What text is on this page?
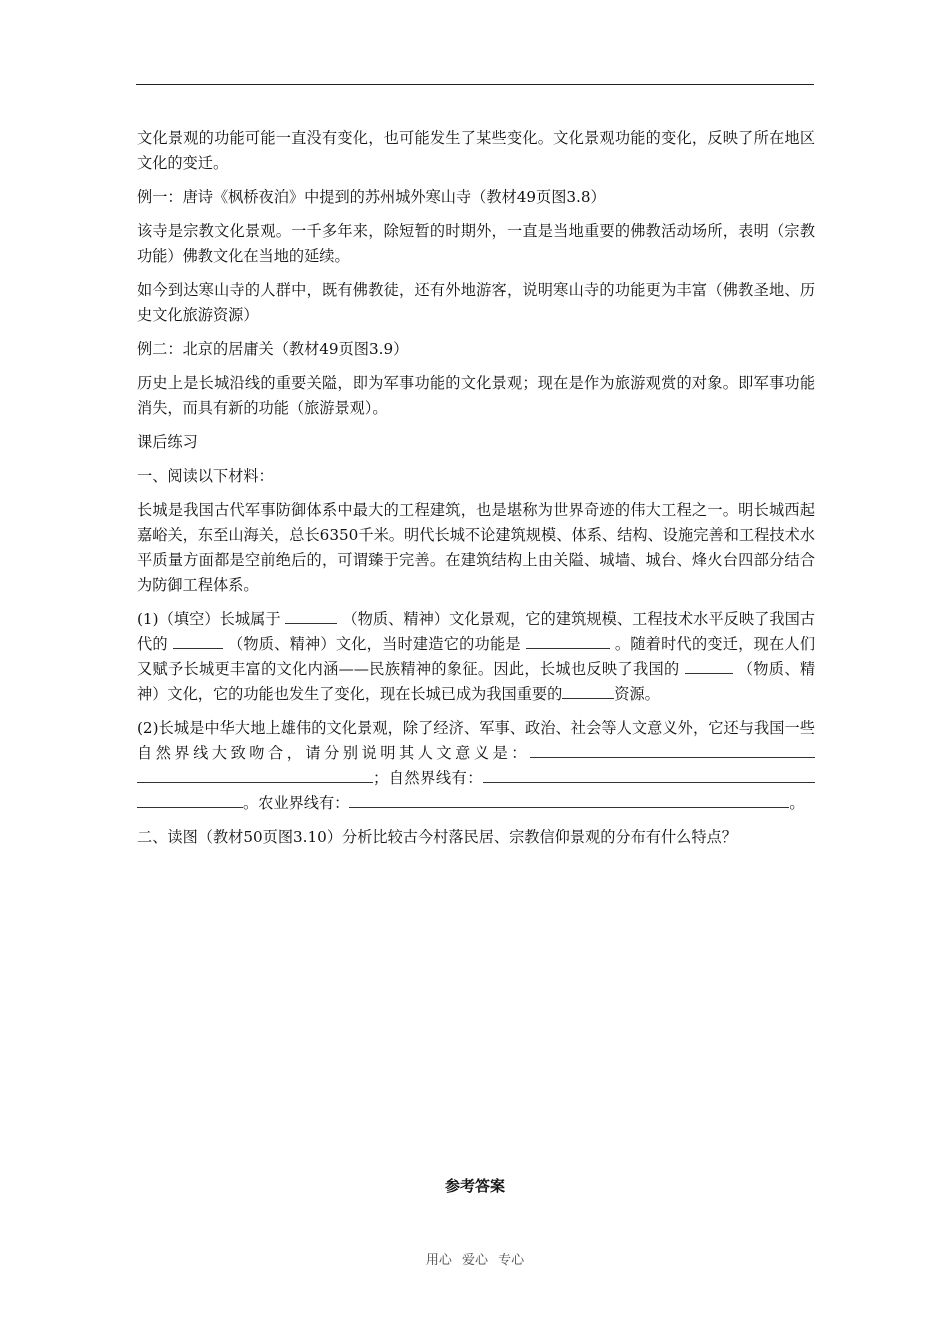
文化景观的功能可能一直没有变化，也可能发生了某些变化。文化景观功能的变化，反映了所在地区文化的变迁。

例一：唐诗《枫桥夜泊》中提到的苏州城外寒山寺（教材49页图3.8）

该寺是宗教文化景观。一千多年来，除短暂的时期外，一直是当地重要的佛教活动场所，表明（宗教功能）佛教文化在当地的延续。

如今到达寒山寺的人群中，既有佛教徒，还有外地游客，说明寒山寺的功能更为丰富（佛教圣地、历史文化旅游资源）

例二：北京的居庸关（教材49页图3.9）

历史上是长城沿线的重要关隘，即为军事功能的文化景观；现在是作为旅游观赏的对象。即军事功能消失，而具有新的功能（旅游景观）。

课后练习

一、阅读以下材料：

长城是我国古代军事防御体系中最大的工程建筑，也是堪称为世界奇迹的伟大工程之一。明长城西起嘉峪关，东至山海关，总长6350千米。明代长城不论建筑规模、体系、结构、设施完善和工程技术水平质量方面都是空前绝后的，可谓臻于完善。在建筑结构上由关隘、城墙、城台、烽火台四部分结合为防御工程体系。

(1)（填空）长城属于	（物质、精神）文化景观，它的建筑规模、工程技术水平反映了我国古代的	（物质、精神）文化，当时建造它的功能是	。随着时代的变迁，现在人们又赋予长城更丰富的文化内涵——民族精神的象征。因此，长城也反映了我国的	（物质、精神）文化，它的功能也发生了变化，现在长城已成为我国重要的	资源。

(2)长城是中华大地上雄伟的文化景观，除了经济、军事、政治、社会等人文意义外，它还与我国一些自然界线大致吻合，请分别说明其人文意义是：；自然界线有：。农业界线有：	。

二、读图（教材50页图3.10）分析比较古今村落民居、宗教信仰景观的分布有什么特点？

参考答案
用心 爱心 专心
